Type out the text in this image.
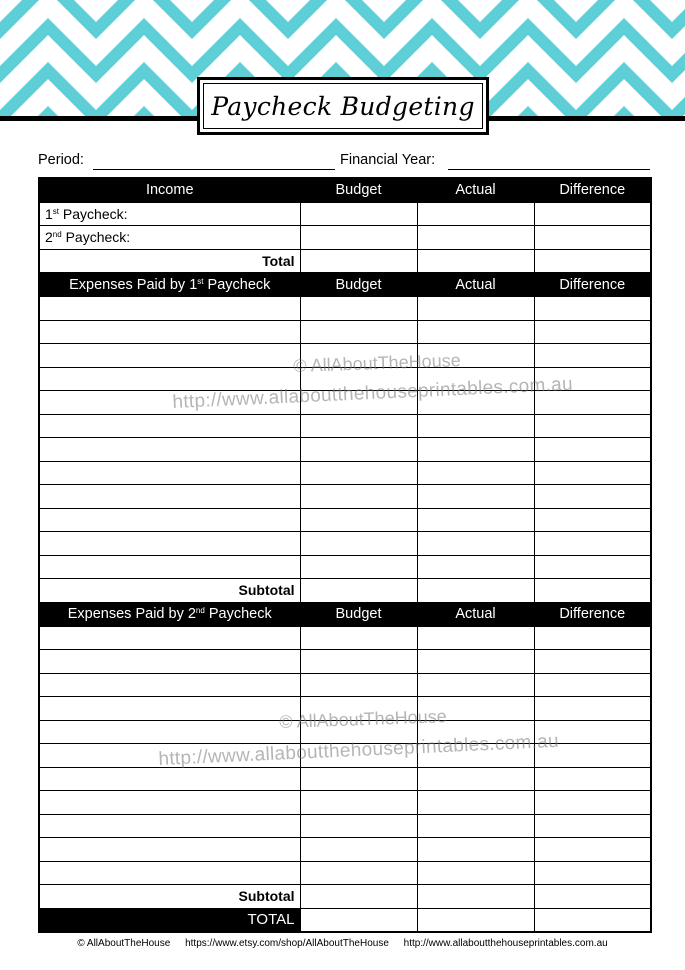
Paycheck Budgeting
Period:	Financial Year:
Income	Budget	Actual	Difference
1st Paycheck:			
2nd Paycheck:			
Total			
Expenses Paid by 1st Paycheck	Budget	Actual	Difference

Subtotal			
Expenses Paid by 2nd Paycheck	Budget	Actual	Difference

Subtotal			
TOTAL			
© AllAboutTheHouse
http://www.allaboutthehouseprintables.com.au
© AllAboutTheHouse
http://www.allaboutthehouseprintables.com.au
© AllAboutTheHouse https://www.etsy.com/shop/AllAboutTheHouse http://www.allaboutthehouseprintables.com.au
